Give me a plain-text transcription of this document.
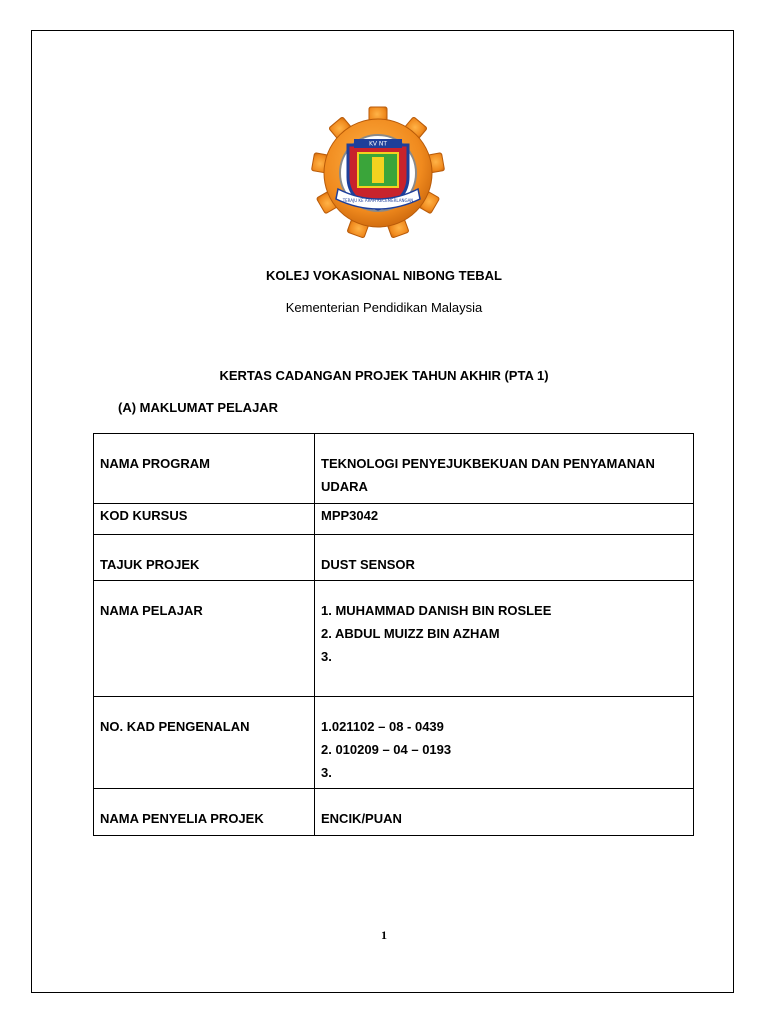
KV NT
TERAJU KE ARAH KECEMERLANGAN
KOLEJ VOKASIONAL NIBONG TEBAL
Kementerian Pendidikan Malaysia
KERTAS CADANGAN PROJEK TAHUN AKHIR (PTA 1)
(A) MAKLUMAT PELAJAR
NAMA PROGRAM	TEKNOLOGI PENYEJUKBEKUAN DAN PENYAMANAN
UDARA

KOD KURSUS	MPP3042
TAJUK PROJEK	DUST SENSOR
NAMA PELAJAR	1. MUHAMMAD DANISH BIN ROSLEE
2. ABDUL MUIZZ BIN AZHAM
3.

NO. KAD PENGENALAN	1.021102 – 08 - 0439
2. 010209 – 04 – 0193
3.

NAMA PENYELIA PROJEK	ENCIK/PUAN
1
